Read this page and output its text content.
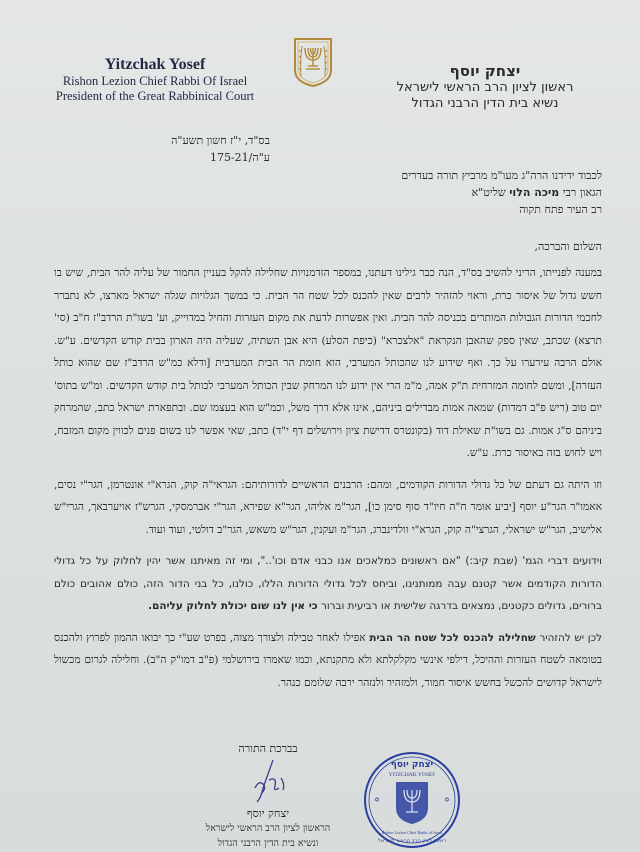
Yitzchak Yosef
Rishon Lezion Chief Rabbi Of Israel
President of the Great Rabbinical Court
יצחק יוסף
ראשון לציון הרב הראשי לישראל
נשיא בית הדין הרבני הגדול
בס"ד, י"ז חשון תשע"ה
ע"ה/175-21
לכבוד ידידנו הרה"ג מעו"מ מרביץ תורה בעדרים
הגאון רבי מיכה הלוי שליט"א
רב העיר פתח תקוה
השלום והברכה,

במענה לפנייתו, הריני להשיב בס"ד, הנה כבר גילינו דעתנו, במספר הזדמנויות שחלילה להקל בעניין החמור של עליה להר הבית, שיש בו חשש גדול של איסור כרת, וראוי להזהיר לרבים שאין להכנס לכל שטח הר הבית. כי במשך הגלויות שגלה ישראל מארצו, לא נתברר לחכמי הדורות הגבולות המותרים בכניסה להר הבית. ואין אפשרות לדעת את מקום העזרות והחיל במדוייק, וע' בשו"ת הרדב"ז ח"ב (סי' תרצא) שכתב, שאין ספק שהאבן הנקראת "אלצכרא" (כיפת הסלע) היא אבן השתיה, שעליה היה הארון בבית קודש הקדשים. ע"ש. אולם הרבה עירערו על כך. ואף שידוע לנו שהכותל המערבי, הוא חומת הר הבית המערבית [ודלא כמ"ש הרדב"ז שם שהוא כותל העזרה], ומשם לחומה המזרחית ת"ק אמה, מ"מ הרי אין ידוע לנו המרחק שבין הכותל המערבי לכותל בית קודש הקדשים. ומ"ש בתוס' יום טוב (ריש פ"ב דמדות) שמאה אמות מבדילים ביניהם, אינו אלא דרך משל, וכמ"ש הוא בעצמו שם. ובתפארת ישראל כתב, שהמרחק ביניהם ס"ג אמות. גם בשו"ת שאילת דוד (בקונטרס דדישת ציון וירושלים דף י"ד) כתב, שאי אפשר לנו בשום פנים לכווין מקום המזבח, ויש לחוש בזה באיסור כרת. ע"ש.

וזו היתה גם דעתם של כל גדולי הדורות הקודמים, ומהם: הרבנים הראשיים לדורותיהם: הגראי"ה קוק, הגרא"י אונטרמן, הגר"י נסים, אאמו"ר הגר"ע יוסף [יביע אומר ח"ה חיו"ד סוף סימן כו], הגר"מ אליהו, הגר"א שפירא, הגר"י אברמסקי, הגרש"ז אויערבאך, הגרי"ש אלישיב, הגר"ש ישראלי, הגרצי"ה קוק, הגרא"י וולדינברג, הגר"מ ועקנין, הגר"ש משאש, הגר"ב דולטי, ועוד ועוד.

וידועים דברי הגמ' (שבת קיב:) "אם ראשונים כמלאכים אנו כבני אדם וכו'..", ומי זה מאיתנו אשר יהין לחלוק על כל גדולי הדורות הקודמים אשר קטנם עבה ממותנינו, וביחס לכל גדולי הדורות הללו, כולנו, כל בני הדור הזה, כולם אהובים כולם ברורים, גדולים כקטנים, נמצאים בדרגה שלישית או רביעית וברור כי אין לנו שום יכולת לחלוק עליהם.

לכן יש להזהיר שחלילה להכנס לכל שטח הר הבית אפילו לאחר טבילה ולצורך מצוה, בפרט שע"י כך יבואו ההמון לפרוץ ולהכנס בטומאה לשטח העזרות וההיכל, דילפי אינשי מקלקלתא ולא מתקנתא, וכמו שאמרו בירושלמי (פ"ב דמו"ק ה"ב). וחלילה לגרום מכשול לישראל קדושים להכשל בחשש איסור חמור, ולמזהיר ולנזהר ירבה שלומם כנהר.

בברכת התורה
יצחק יוסף
הראשון לציון הרב הראשי לישראל
ונשיא בית הדין הרבני הגדול
יצחק יוסף
YITZCHAK YOSEF
Rishon Lezion Chief Rabbi of Israel
ראשון לציון הרב הראשי לישראל
✡	✡
